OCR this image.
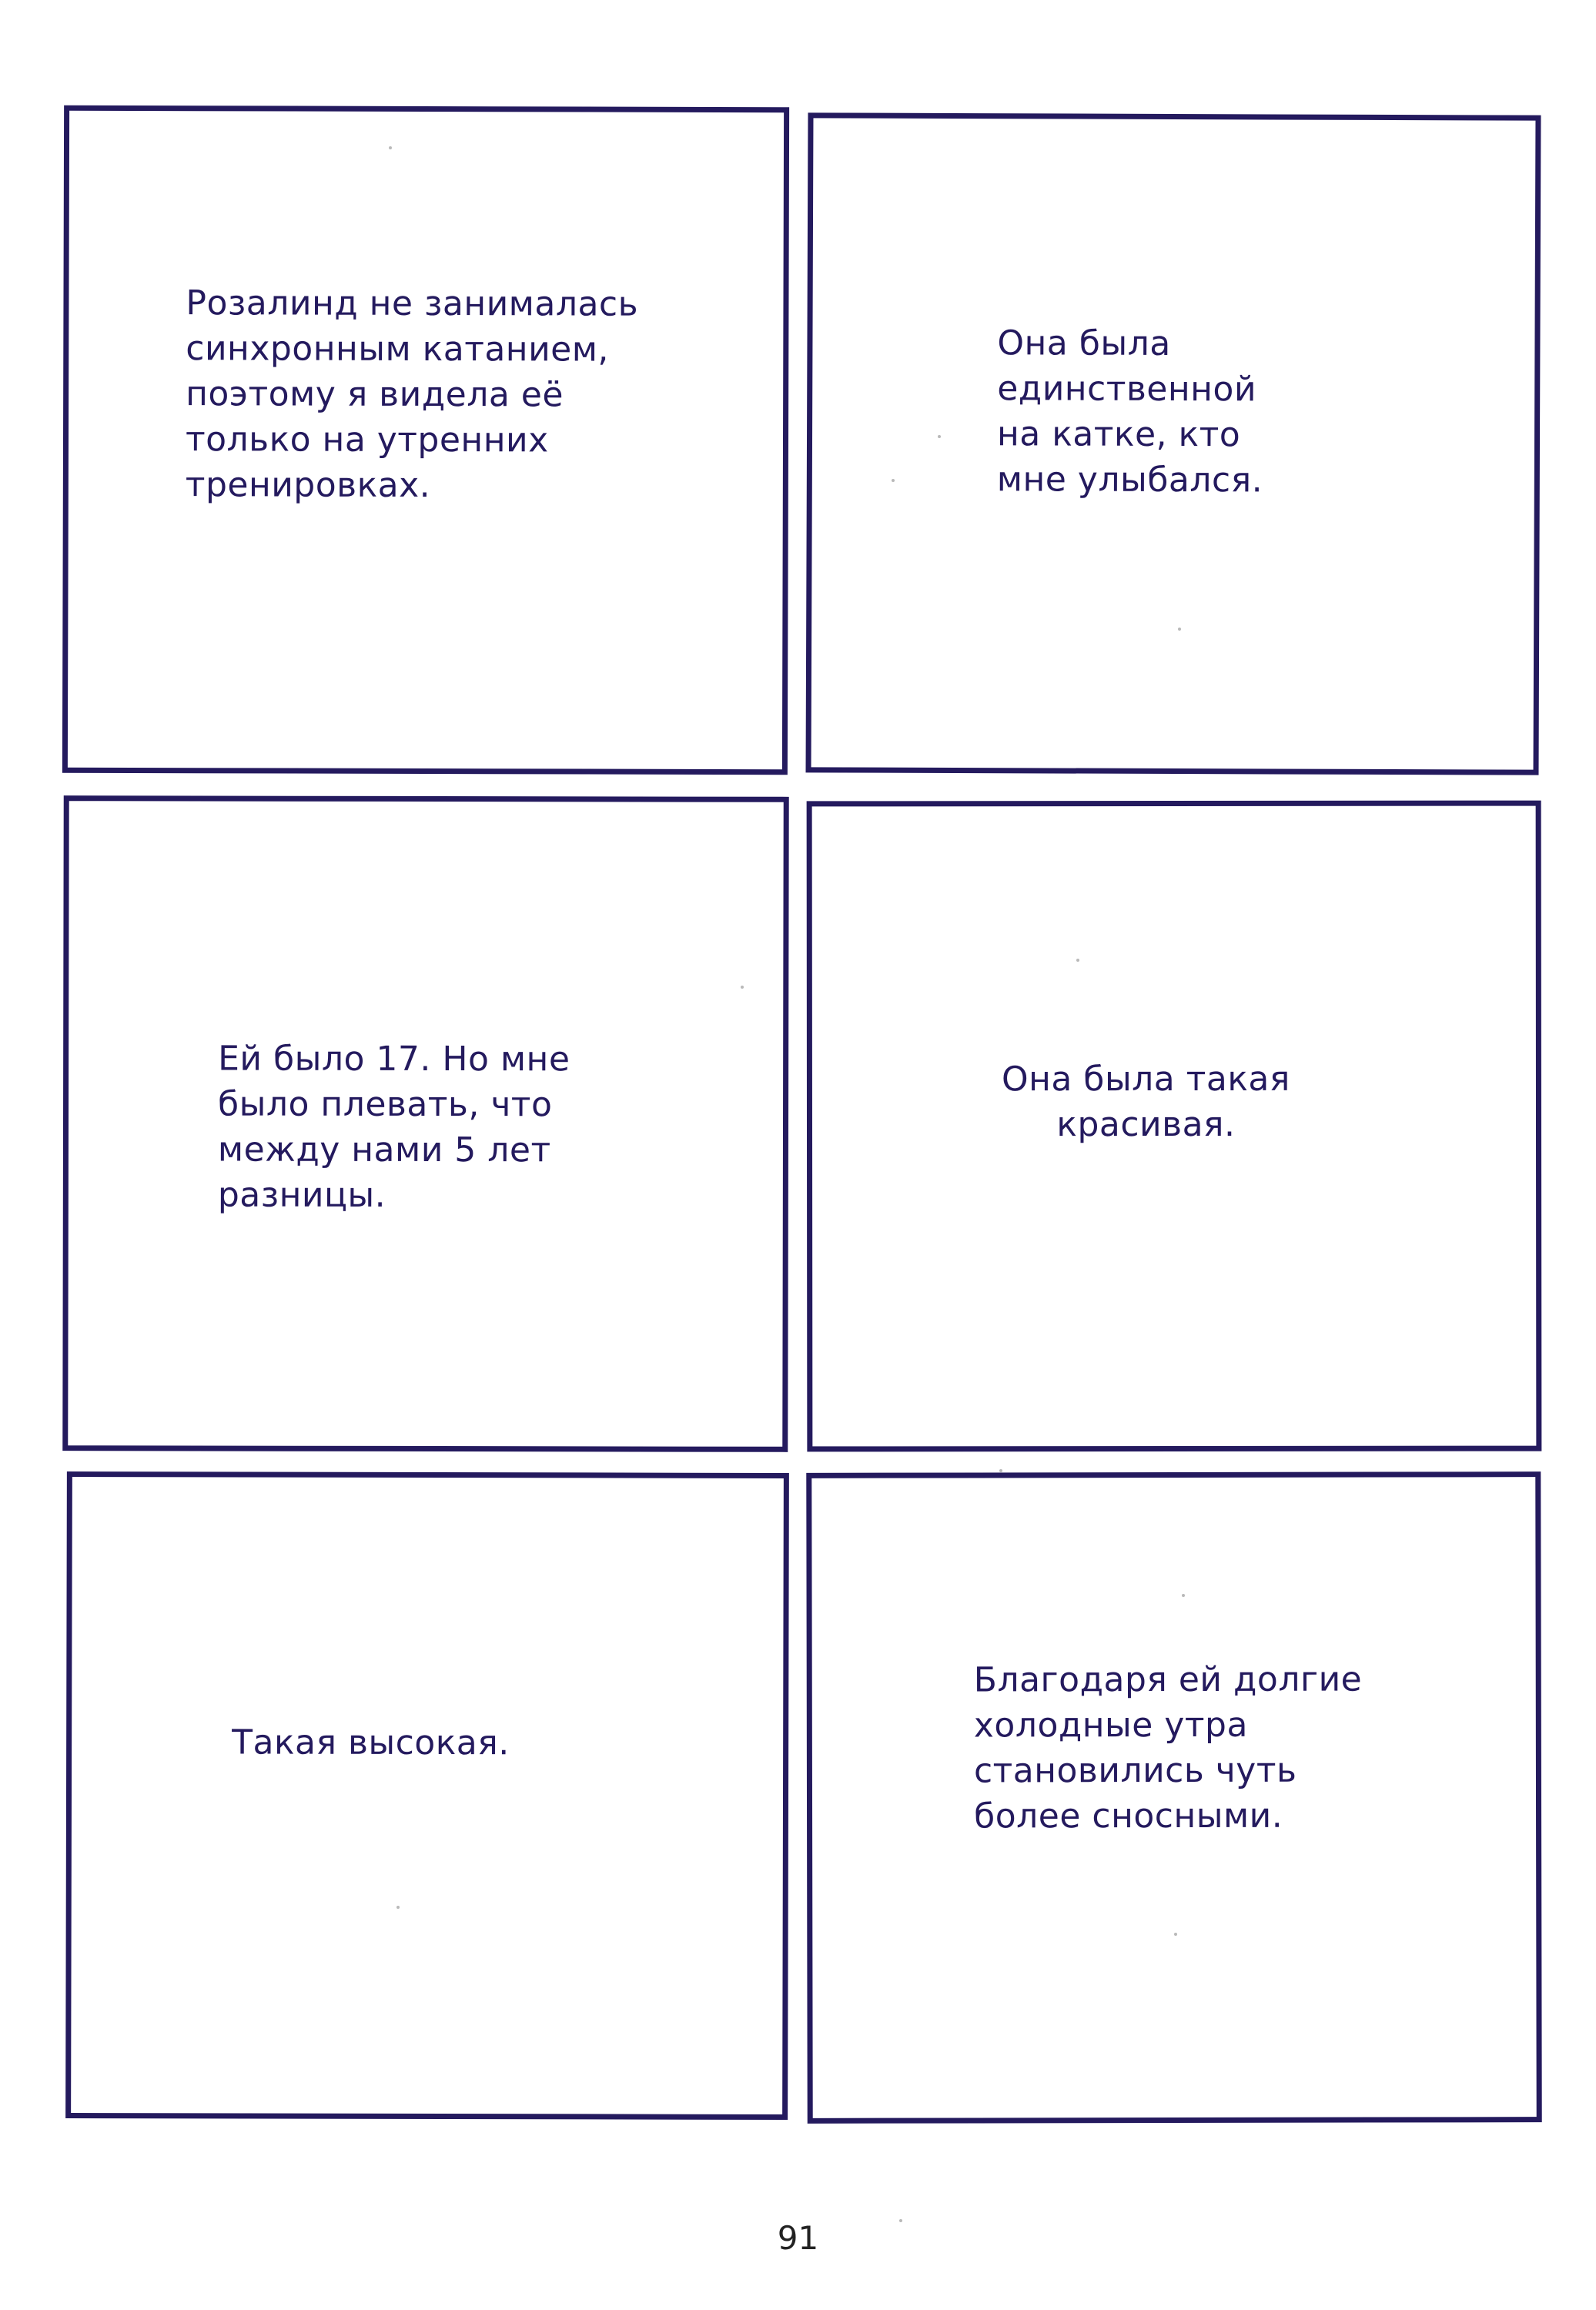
Розалинд не занималась
синхронным катанием,
поэтому я видела её
только на утренних
тренировках.
Она была
единственной
на катке, кто
мне улыбался.
Ей было 17. Но мне
было плевать, что
между нами 5 лет
разницы.
Она была такая
красивая.
Такая высокая.
Благодаря ей долгие
холодные утра
становились чуть
более сносными.
91
